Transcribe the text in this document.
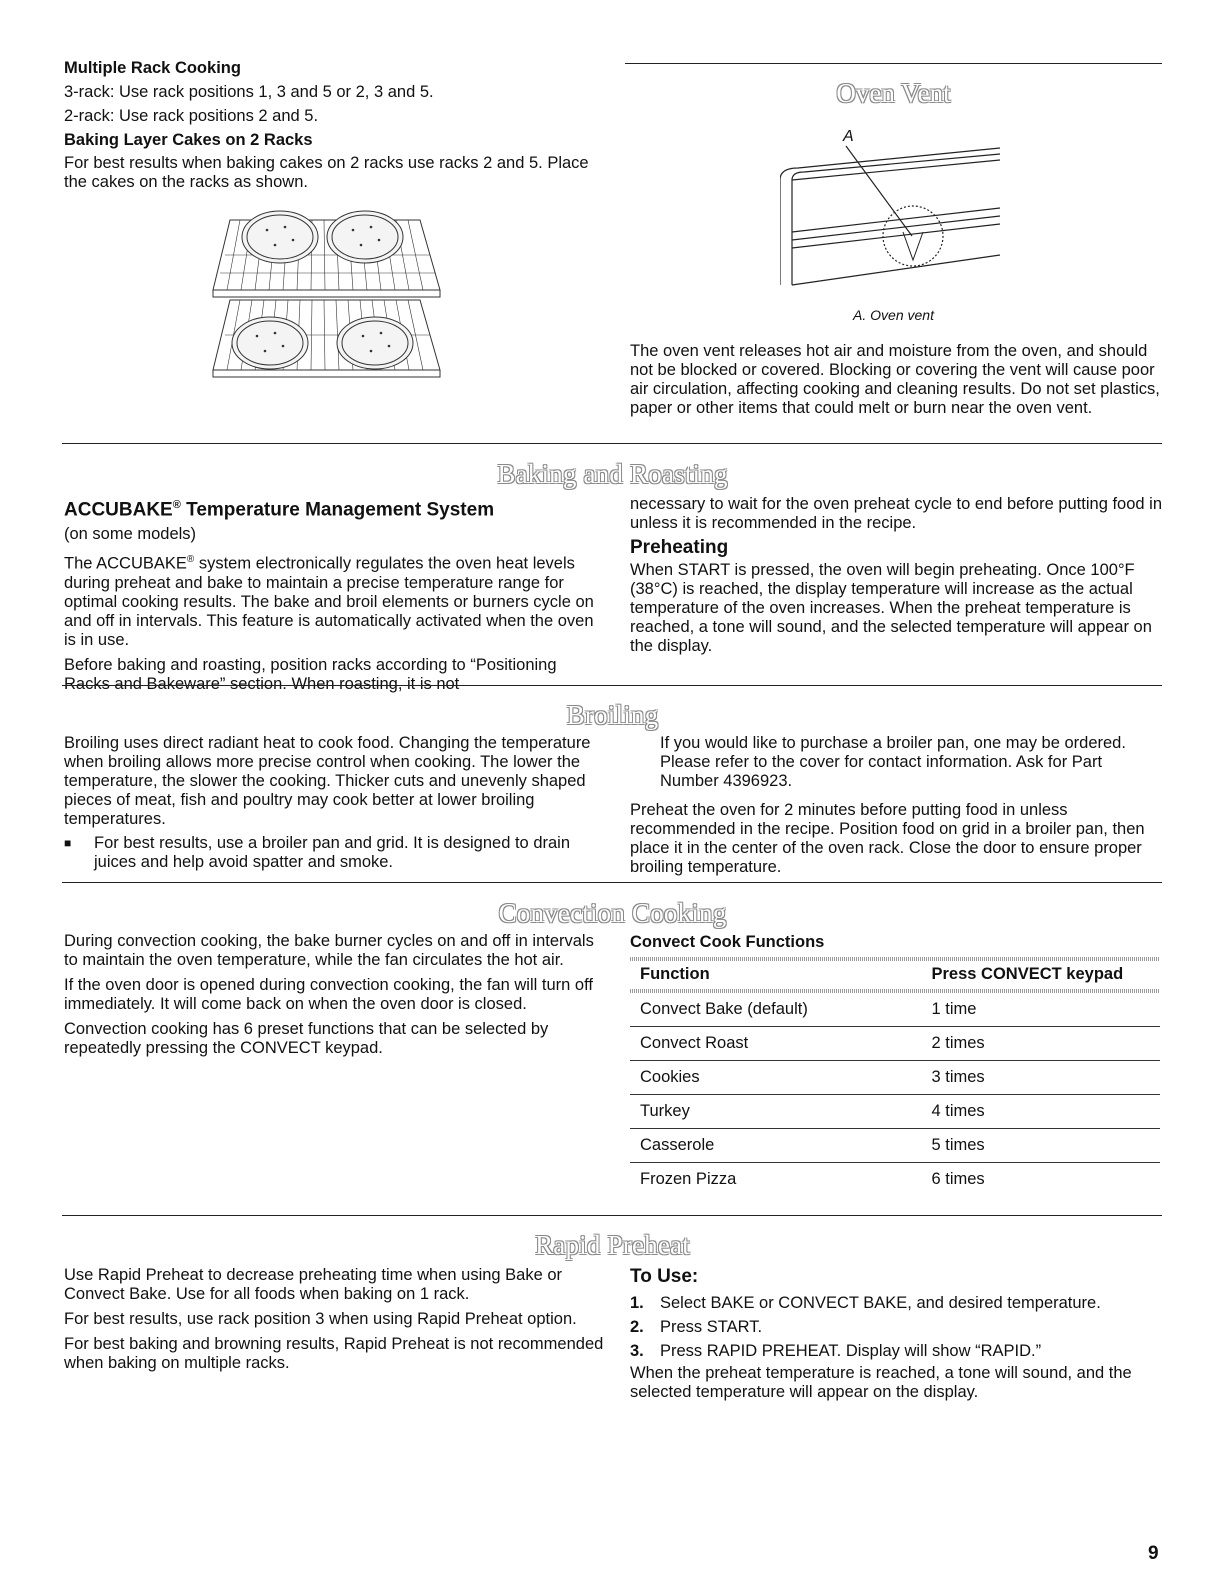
Multiple Rack Cooking

3-rack: Use rack positions 1, 3 and 5 or 2, 3 and 5.

2-rack: Use rack positions 2 and 5.

Baking Layer Cakes on 2 Racks

For best results when baking cakes on 2 racks use racks 2 and 5. Place the cakes on the racks as shown.

Oven Vent
A
A. Oven vent

The oven vent releases hot air and moisture from the oven, and should not be blocked or covered. Blocking or covering the vent will cause poor air circulation, affecting cooking and cleaning results. Do not set plastics, paper or other items that could melt or burn near the oven vent.

Baking and Roasting

ACCUBAKE® Temperature Management System

(on some models)

The ACCUBAKE® system electronically regulates the oven heat levels during preheat and bake to maintain a precise temperature range for optimal cooking results. The bake and broil elements or burners cycle on and off in intervals. This feature is automatically activated when the oven is in use.

Before baking and roasting, position racks according to “Positioning Racks and Bakeware” section. When roasting, it is not

necessary to wait for the oven preheat cycle to end before putting food in unless it is recommended in the recipe.

Preheating

When START is pressed, the oven will begin preheating. Once 100°F (38°C) is reached, the display temperature will increase as the actual temperature of the oven increases. When the preheat temperature is reached, a tone will sound, and the selected temperature will appear on the display.

Broiling

Broiling uses direct radiant heat to cook food. Changing the temperature when broiling allows more precise control when cooking. The lower the temperature, the slower the cooking. Thicker cuts and unevenly shaped pieces of meat, fish and poultry may cook better at lower broiling temperatures.

■	For best results, use a broiler pan and grid. It is designed to drain juices and help avoid spatter and smoke.

If you would like to purchase a broiler pan, one may be ordered. Please refer to the cover for contact information. Ask for Part Number 4396923.

Preheat the oven for 2 minutes before putting food in unless recommended in the recipe. Position food on grid in a broiler pan, then place it in the center of the oven rack. Close the door to ensure proper broiling temperature.

Convection Cooking

During convection cooking, the bake burner cycles on and off in intervals to maintain the oven temperature, while the fan circulates the hot air.

If the oven door is opened during convection cooking, the fan will turn off immediately. It will come back on when the oven door is closed.

Convection cooking has 6 preset functions that can be selected by repeatedly pressing the CONVECT keypad.

Convect Cook Functions

Function	Press CONVECT keypad
Convect Bake (default)	1 time
Convect Roast	2 times
Cookies	3 times
Turkey	4 times
Casserole	5 times
Frozen Pizza	6 times
Rapid Preheat

Use Rapid Preheat to decrease preheating time when using Bake or Convect Bake. Use for all foods when baking on 1 rack.

For best results, use rack position 3 when using Rapid Preheat option.

For best baking and browning results, Rapid Preheat is not recommended when baking on multiple racks.

To Use:

1. Select BAKE or CONVECT BAKE, and desired temperature.
2. Press START.
3. Press RAPID PREHEAT. Display will show “RAPID.”

When the preheat temperature is reached, a tone will sound, and the selected temperature will appear on the display.

9
